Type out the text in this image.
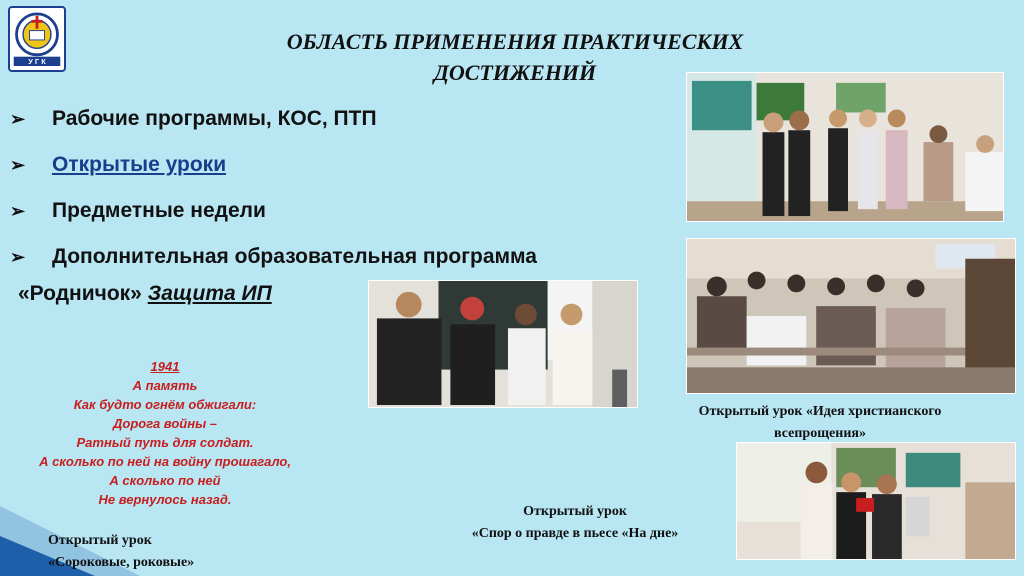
У Г К
ОБЛАСТЬ ПРИМЕНЕНИЯ ПРАКТИЧЕСКИХ
ДОСТИЖЕНИЙ
➢ Рабочие программы, КОС, ПТП
➢ Открытые уроки
➢ Предметные недели
➢ Дополнительная образовательная программа
«Родничок» Защита ИП
1941
А память
Как будто огнём обжигали:
Дорога войны –
Ратный путь для солдат.
А сколько по ней на войну прошагало,
А сколько по ней
Не вернулось назад.
Открытый урок
«Сороковые, роковые»
Открытый урок «Идея христианского
всепрощения»
Открытый урок
«Спор о правде в пьесе «На дне»
